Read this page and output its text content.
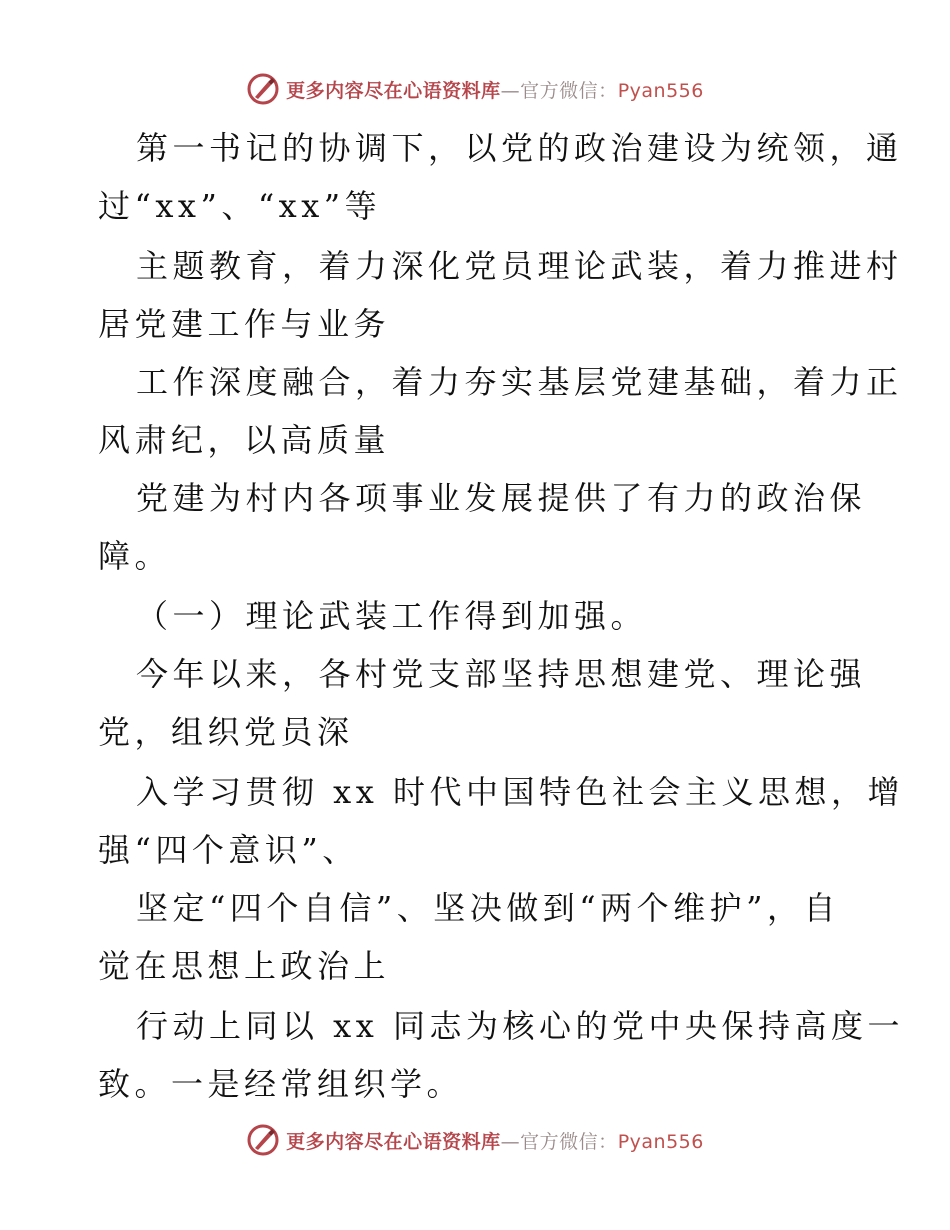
更多内容尽在心语资料库—官方微信：Pyan556
第一书记的协调下，以党的政治建设为统领，通
过“xx”、“xx”等
主题教育，着力深化党员理论武装，着力推进村
居党建工作与业务
工作深度融合，着力夯实基层党建基础，着力正
风肃纪，以高质量
党建为村内各项事业发展提供了有力的政治保
障。
（一）理论武装工作得到加强。
今年以来，各村党支部坚持思想建党、理论强
党，组织党员深
入学习贯彻 xx 时代中国特色社会主义思想，增
强“四个意识”、
坚定“四个自信”、坚决做到“两个维护”，自
觉在思想上政治上
行动上同以 xx 同志为核心的党中央保持高度一
致。一是经常组织学。
更多内容尽在心语资料库—官方微信：Pyan556
